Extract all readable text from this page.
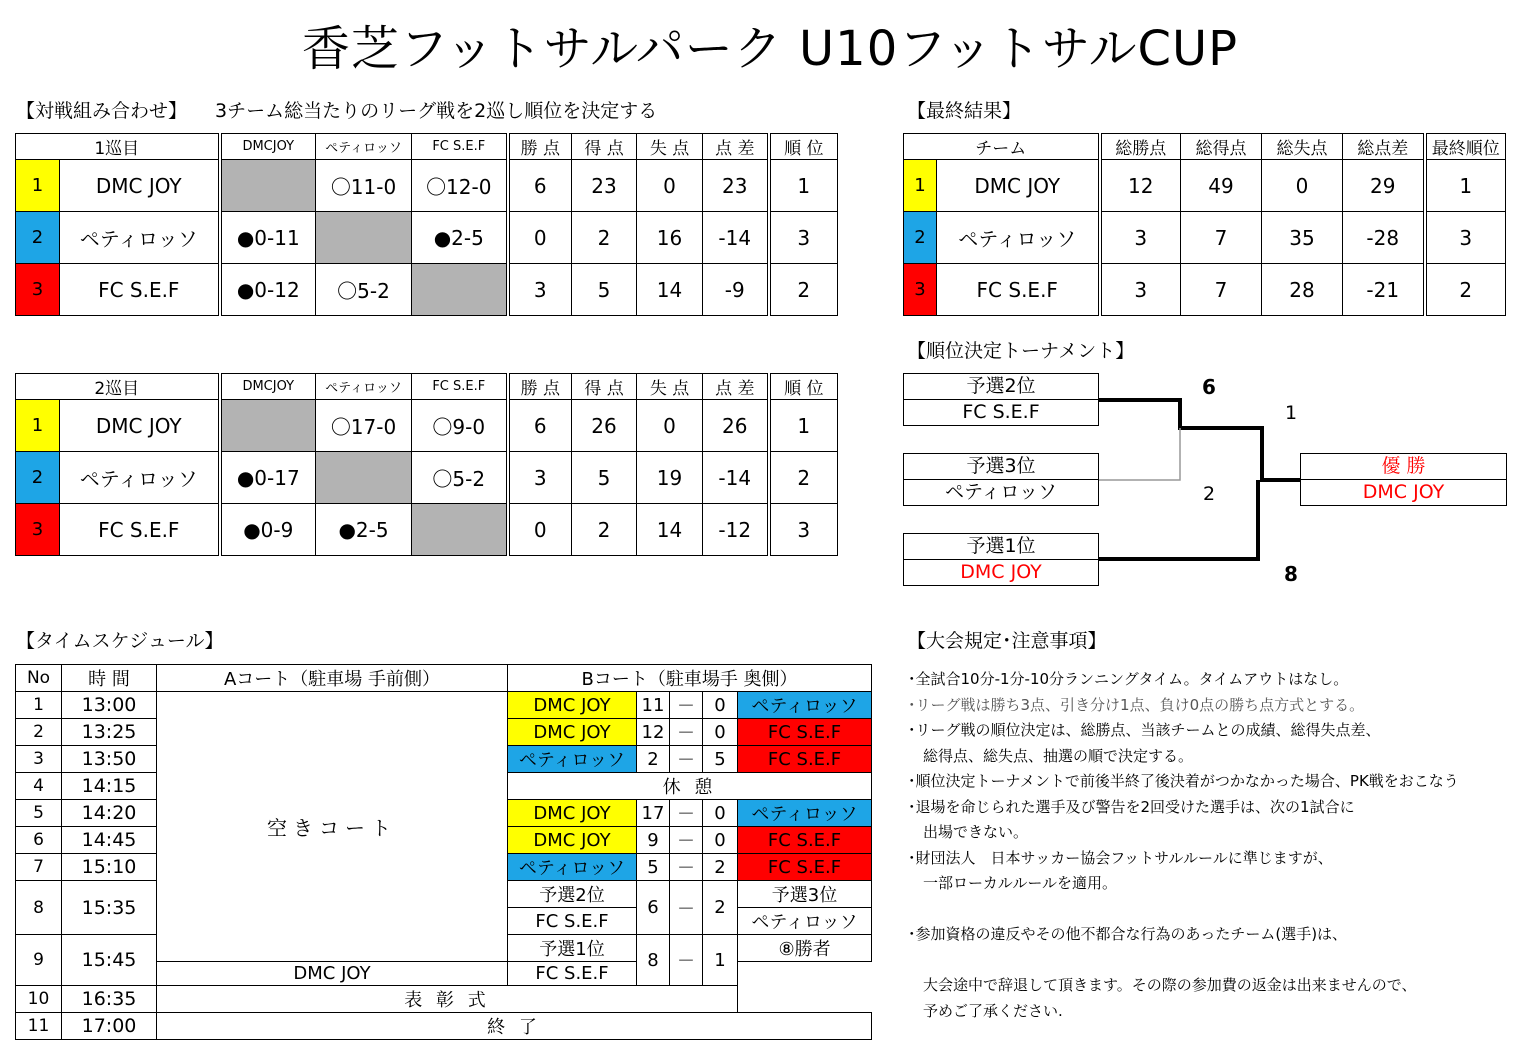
香芝フットサルパーク U10フットサルCUP
【対戦組み合わせ】 3チーム総当たりのリーグ戦を2巡し順位を決定する
1巡目		DMCJOY	ペティロッソ	FC S.E.F	勝 点	得 点	失 点	点 差	順 位
1	DMC JOY		〇11-0	〇12-0	6	23	0	23	1
2	ペティロッソ	●0-11		●2-5	0	2	16	-14	3
3	FC S.E.F	●0-12	〇5-2		3	5	14	-9	2
2巡目		DMCJOY	ペティロッソ	FC S.E.F	勝 点	得 点	失 点	点 差	順 位
1	DMC JOY		〇17-0	〇9-0	6	26	0	26	1
2	ペティロッソ	●0-17		〇5-2	3	5	19	-14	2
3	FC S.E.F	●0-9	●2-5		0	2	14	-12	3
【最終結果】
チーム		総勝点	総得点	総失点	総点差	最終順位
1	DMC JOY	12	49	0	29	1
2	ペティロッソ	3	7	35	-28	3
3	FC S.E.F	3	7	28	-21	2
【順位決定トーナメント】
予選2位
FC S.E.F
予選3位
ペティロッソ
予選1位
DMC JOY
優 勝
DMC JOY
6
1
2
8
【タイムスケジュール】
No	時 間	Aコート（駐車場 手前側）	Bコート（駐車場手 奥側）				
1	13:00	空きコート	DMC JOY	11	－	0	ペティロッソ
2	13:25		DMC JOY	12	－	0	FC S.E.F
3	13:50		ペティロッソ	2	－	5	FC S.E.F
4	14:15		休 憩				
5	14:20		DMC JOY	17	－	0	ペティロッソ
6	14:45		DMC JOY	9	－	0	FC S.E.F
7	15:10		ペティロッソ	5	－	2	FC S.E.F
8	15:35		予選2位	6	－	2	予選3位
			FC S.E.F				ペティロッソ
9	15:45		予選1位	8	－	1	⑧勝者
		DMC JOY	FC S.E.F				
10	16:35	表 彰 式					
11	17:00	終 了					
【大会規定･注意事項】
･全試合10分-1分-10分ランニングタイム。タイムアウトはなし。
･リーグ戦は勝ち3点、引き分け1点、負け0点の勝ち点方式とする。
･リーグ戦の順位決定は、総勝点、当該チームとの成績、総得失点差、
　総得点、総失点、抽選の順で決定する。
･順位決定トーナメントで前後半終了後決着がつかなかった場合、PK戦をおこなう
･退場を命じられた選手及び警告を2回受けた選手は、次の1試合に
　出場できない。
･財団法人　日本サッカー協会フットサルルールに準じますが、
　一部ローカルルールを適用。
･参加資格の違反やその他不都合な行為のあったチーム(選手)は、
　大会途中で辞退して頂きます。その際の参加費の返金は出来ませんので、
　予めご了承ください.
